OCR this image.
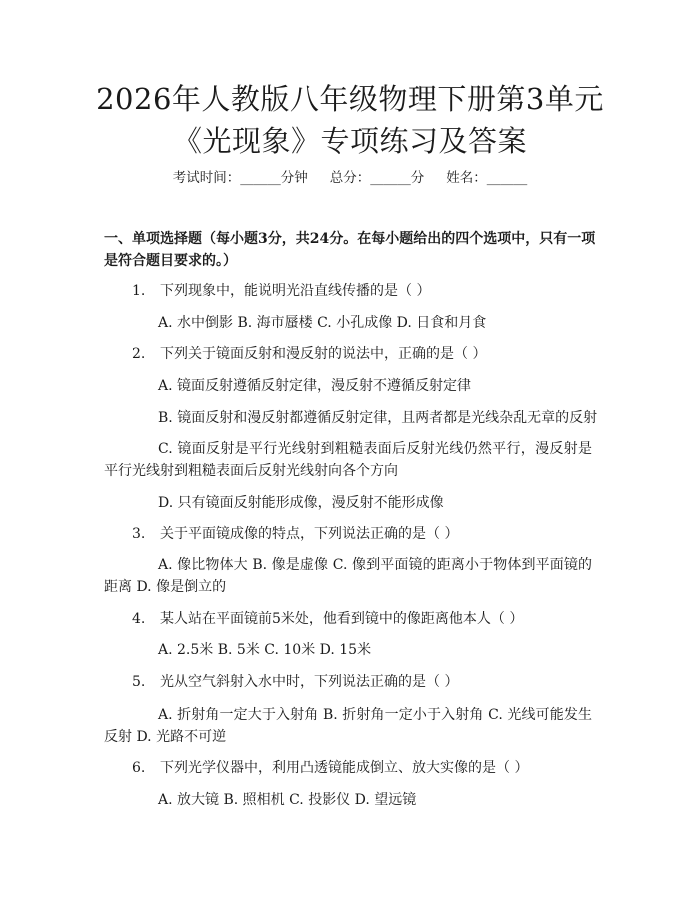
2026年人教版八年级物理下册第3单元《光现象》专项练习及答案
考试时间：______分钟 总分：______分 姓名：______
一、单项选择题（每小题3分，共24分。在每小题给出的四个选项中，只有一项是符合题目要求的。）
1. 下列现象中，能说明光沿直线传播的是（ ）
A. 水中倒影 B. 海市蜃楼 C. 小孔成像 D. 日食和月食
2. 下列关于镜面反射和漫反射的说法中，正确的是（ ）
A. 镜面反射遵循反射定律，漫反射不遵循反射定律
B. 镜面反射和漫反射都遵循反射定律，且两者都是光线杂乱无章的反射
C. 镜面反射是平行光线射到粗糙表面后反射光线仍然平行，漫反射是平行光线射到粗糙表面后反射光线射向各个方向
D. 只有镜面反射能形成像，漫反射不能形成像
3. 关于平面镜成像的特点，下列说法正确的是（ ）
A. 像比物体大 B. 像是虚像 C. 像到平面镜的距离小于物体到平面镜的距离 D. 像是倒立的
4. 某人站在平面镜前5米处，他看到镜中的像距离他本人（ ）
A. 2.5米 B. 5米 C. 10米 D. 15米
5. 光从空气斜射入水中时，下列说法正确的是（ ）
A. 折射角一定大于入射角 B. 折射角一定小于入射角 C. 光线可能发生反射 D. 光路不可逆
6. 下列光学仪器中，利用凸透镜能成倒立、放大实像的是（ ）
A. 放大镜 B. 照相机 C. 投影仪 D. 望远镜
